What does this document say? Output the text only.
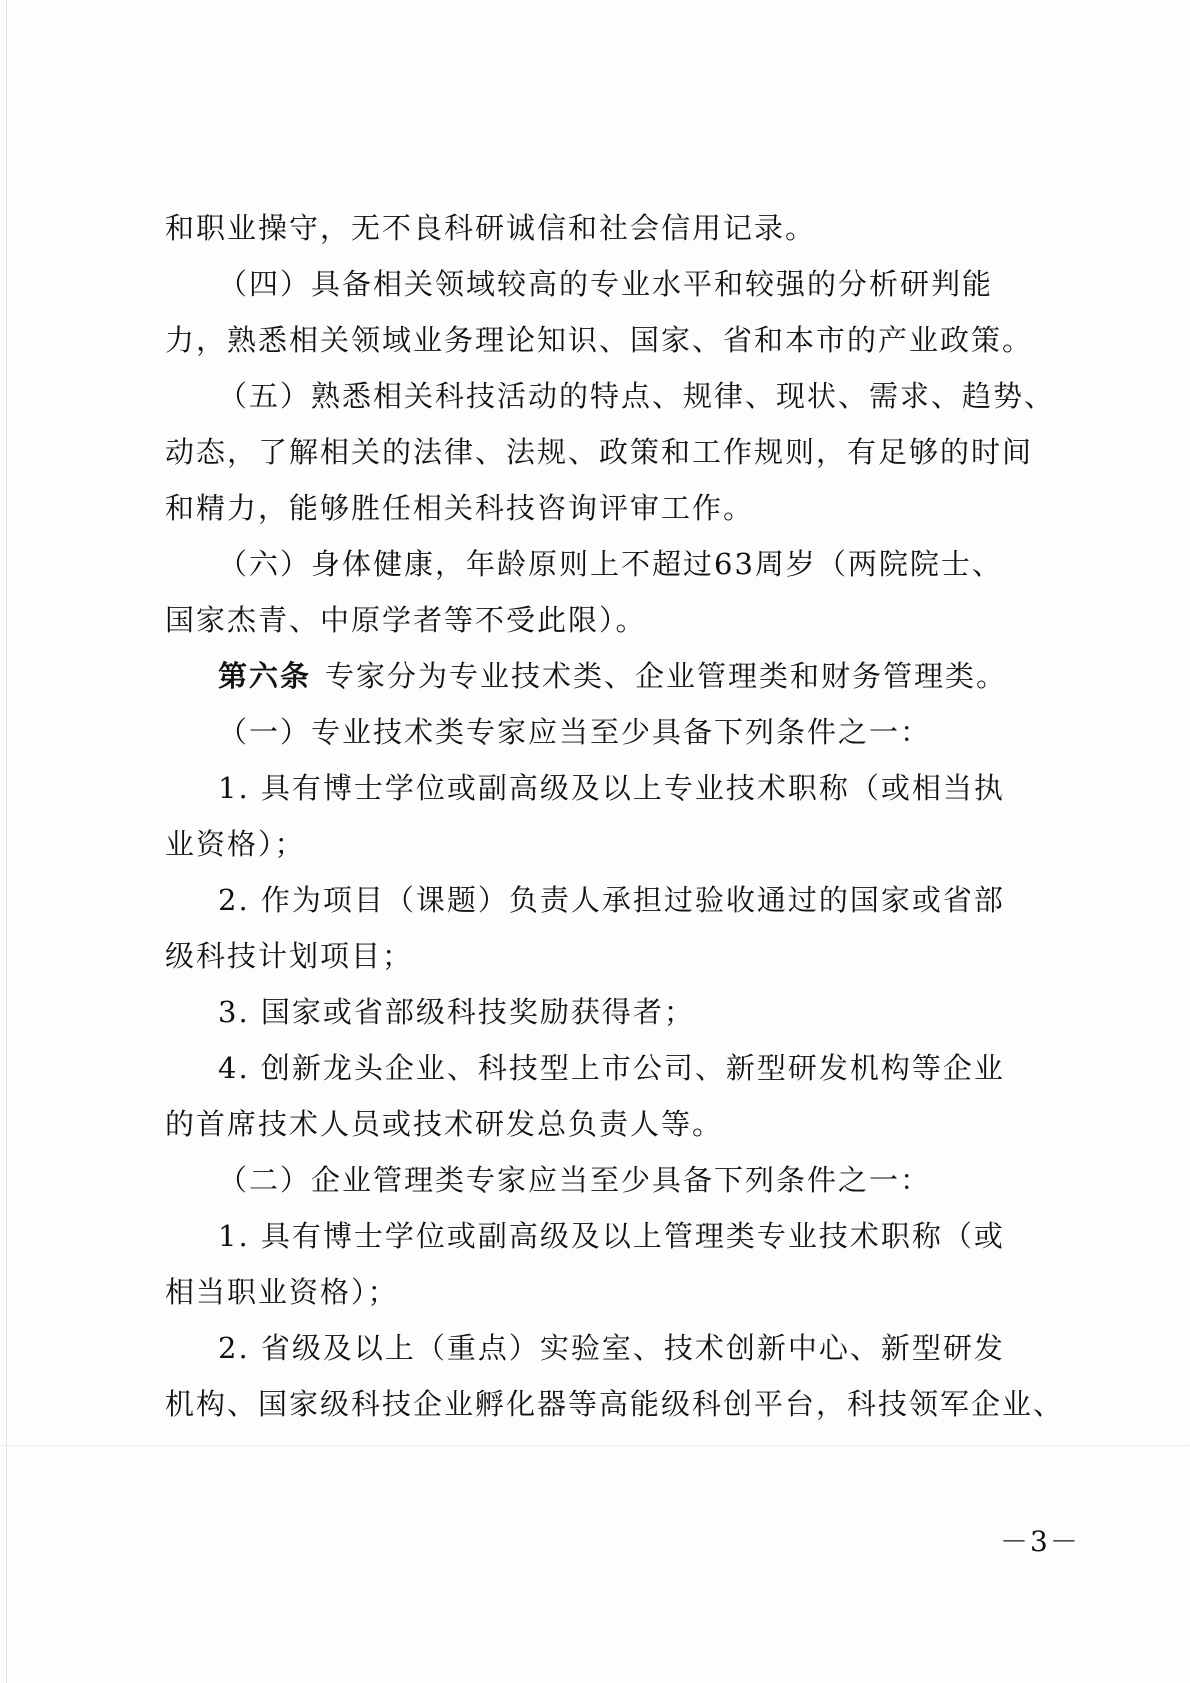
和职业操守，无不良科研诚信和社会信用记录。
（四）具备相关领域较高的专业水平和较强的分析研判能
力，熟悉相关领域业务理论知识、国家、省和本市的产业政策。
（五）熟悉相关科技活动的特点、规律、现状、需求、趋势、
动态，了解相关的法律、法规、政策和工作规则，有足够的时间
和精力，能够胜任相关科技咨询评审工作。
（六）身体健康，年龄原则上不超过63周岁（两院院士、
国家杰青、中原学者等不受此限）。
第六条 专家分为专业技术类、企业管理类和财务管理类。
（一）专业技术类专家应当至少具备下列条件之一：
1. 具有博士学位或副高级及以上专业技术职称（或相当执
业资格）；
2. 作为项目（课题）负责人承担过验收通过的国家或省部
级科技计划项目；
3. 国家或省部级科技奖励获得者；
4. 创新龙头企业、科技型上市公司、新型研发机构等企业
的首席技术人员或技术研发总负责人等。
（二）企业管理类专家应当至少具备下列条件之一：
1. 具有博士学位或副高级及以上管理类专业技术职称（或
相当职业资格）；
2. 省级及以上（重点）实验室、技术创新中心、新型研发
机构、国家级科技企业孵化器等高能级科创平台，科技领军企业、
－3－
